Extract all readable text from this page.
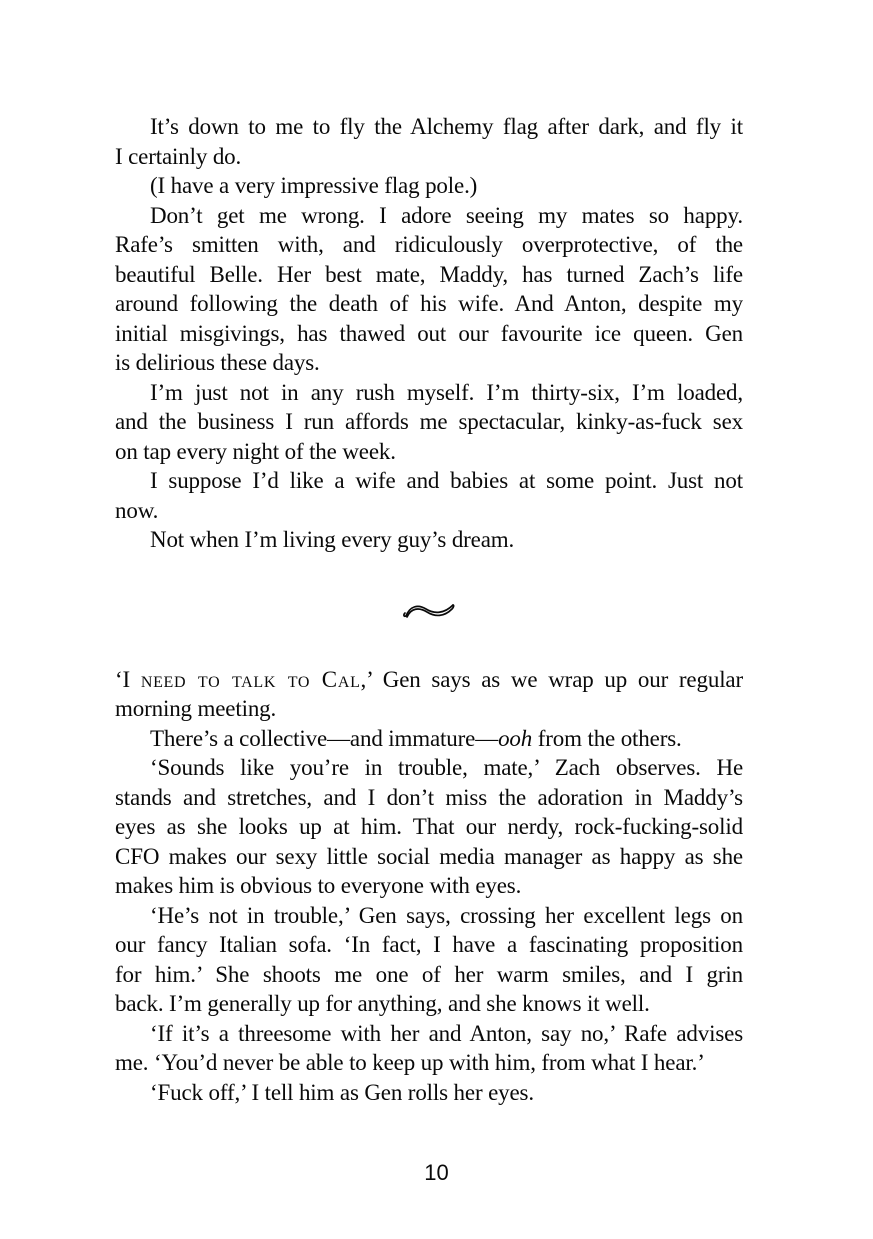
It’s down to me to fly the Alchemy flag after dark, and fly it
I certainly do.

(I have a very impressive flag pole.)

Don’t get me wrong. I adore seeing my mates so happy.
Rafe’s smitten with, and ridiculously overprotective, of the
beautiful Belle. Her best mate, Maddy, has turned Zach’s life
around following the death of his wife. And Anton, despite my
initial misgivings, has thawed out our favourite ice queen. Gen
is delirious these days.

I’m just not in any rush myself. I’m thirty-six, I’m loaded,
and the business I run affords me spectacular, kinky-as-fuck sex
on tap every night of the week.

I suppose I’d like a wife and babies at some point. Just not
now.

Not when I’m living every guy’s dream.

‘I need to talk to Cal,’ Gen says as we wrap up our regular
morning meeting.

There’s a collective—and immature—ooh from the others.

‘Sounds like you’re in trouble, mate,’ Zach observes. He
stands and stretches, and I don’t miss the adoration in Maddy’s
eyes as she looks up at him. That our nerdy, rock-fucking-solid
CFO makes our sexy little social media manager as happy as she
makes him is obvious to everyone with eyes.

‘He’s not in trouble,’ Gen says, crossing her excellent legs on
our fancy Italian sofa. ‘In fact, I have a fascinating proposition
for him.’ She shoots me one of her warm smiles, and I grin
back. I’m generally up for anything, and she knows it well.

‘If it’s a threesome with her and Anton, say no,’ Rafe advises
me. ‘You’d never be able to keep up with him, from what I hear.’

‘Fuck off,’ I tell him as Gen rolls her eyes.

10
